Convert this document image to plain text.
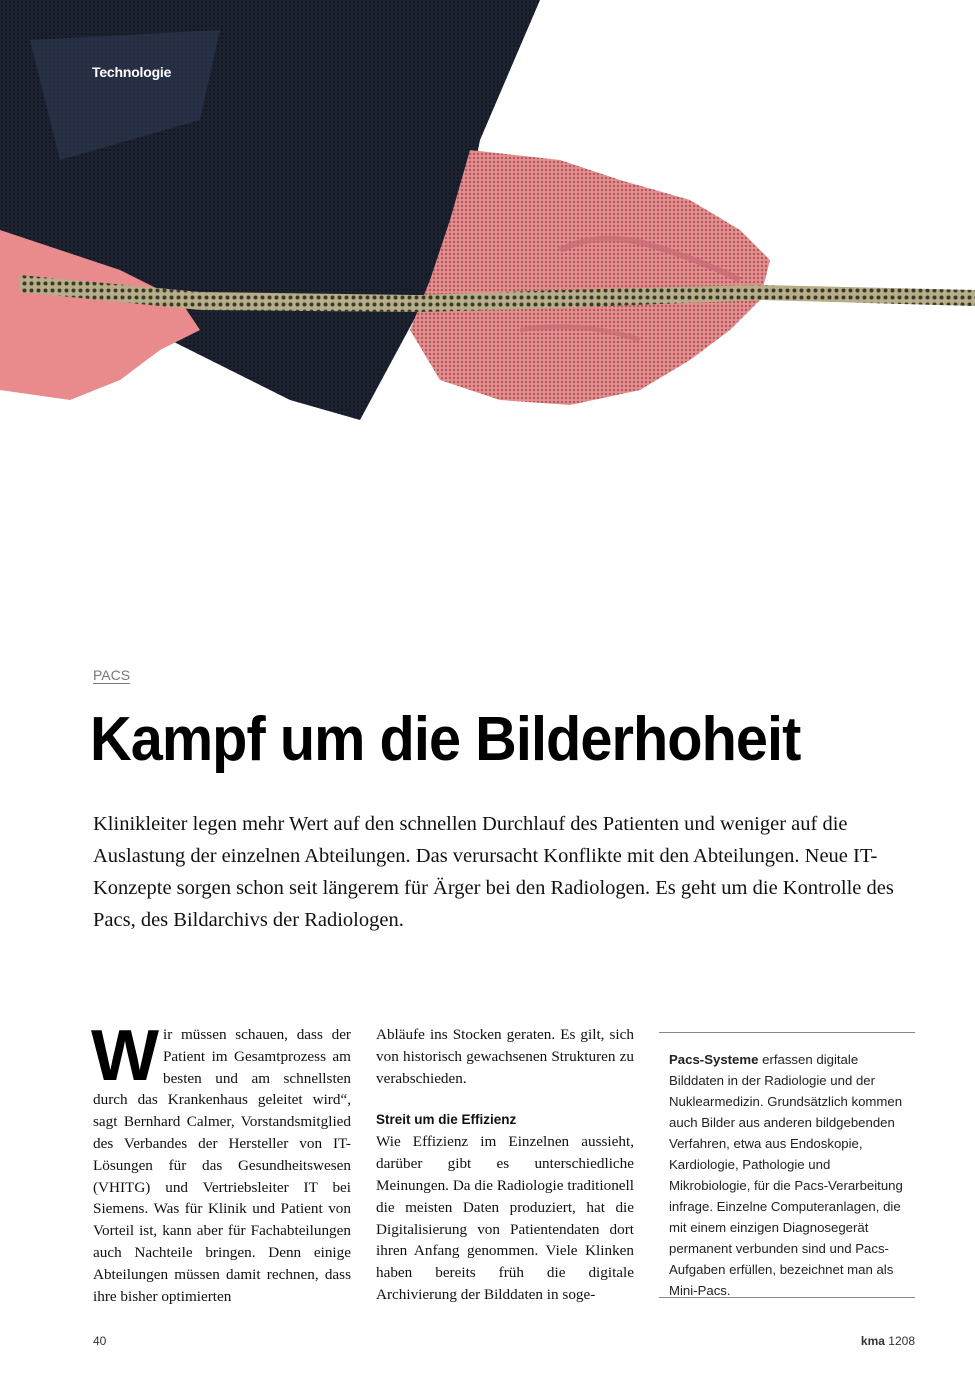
Technologie
PACS
Kampf um die Bilderhoheit

Klinikleiter legen mehr Wert auf den schnellen Durchlauf des Patienten und weniger auf die Auslastung der einzelnen Abteilungen. Das verursacht Konflikte mit den Abteilungen. Neue IT-Konzepte sorgen schon seit längerem für Ärger bei den Radiologen. Es geht um die Kontrolle des Pacs, des Bildarchivs der Radiologen.

Wir müssen schauen, dass der Patient im Gesamtprozess am besten und am schnellsten durch das Krankenhaus geleitet wird“, sagt Bernhard Calmer, Vorstandsmitglied des Verbandes der Hersteller von IT-Lösungen für das Gesundheitswesen (VHITG) und Vertriebsleiter IT bei Siemens. Was für Klinik und Patient von Vorteil ist, kann aber für Fachabteilungen auch Nachteile bringen. Denn einige Abteilungen müssen damit rechnen, dass ihre bisher optimierten

Abläufe ins Stocken geraten. Es gilt, sich von historisch gewachsenen Strukturen zu verabschieden.

Streit um die Effizienz

Wie Effizienz im Einzelnen aussieht, darüber gibt es unterschiedliche Meinungen. Da die Radiologie traditionell die meisten Daten produziert, hat die Digitalisierung von Patientendaten dort ihren Anfang genommen. Viele Klinken haben bereits früh die digitale Archivierung der Bilddaten in soge-

Pacs-Systeme erfassen digitale Bilddaten in der Radiologie und der Nuklearmedizin. Grundsätzlich kommen auch Bilder aus anderen bildgebenden Verfahren, etwa aus Endoskopie, Kardiologie, Pathologie und Mikrobiologie, für die Pacs-Verarbeitung infrage. Einzelne Computeranlagen, die mit einem einzigen Diagnosegerät permanent verbunden sind und Pacs-Aufgaben erfüllen, bezeichnet man als Mini-Pacs.

40	kma 1208
